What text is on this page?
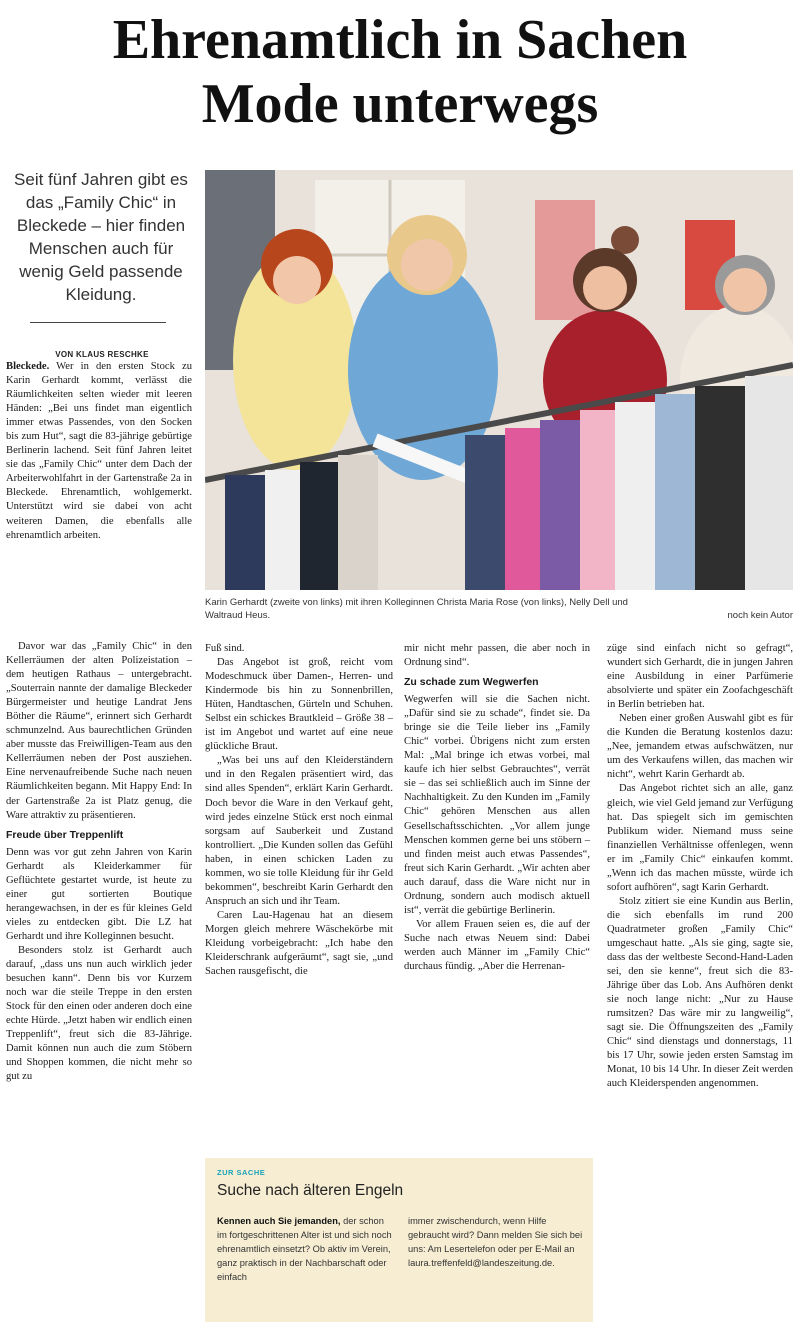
Ehrenamtlich in Sachen
Mode unterwegs
Seit fünf Jahren gibt es das „Family Chic“ in Bleckede – hier finden Menschen auch für wenig Geld passende Kleidung.
VON KLAUS RESCHKE
Karin Gerhardt (zweite von links) mit ihren Kolleginnen Christa Maria Rose (von links), Nelly Dell und
Waltraud Heus.	noch kein Autor

Bleckede. Wer in den ersten Stock zu Karin Gerhardt kommt, verlässt die Räumlichkeiten selten wieder mit leeren Händen: „Bei uns findet man eigentlich immer etwas Passendes, von den Socken bis zum Hut“, sagt die 83-jährige gebürtige Berlinerin lachend. Seit fünf Jahren leitet sie das „Family Chic“ unter dem Dach der Arbeiterwohlfahrt in der Gartenstraße 2a in Bleckede. Ehrenamtlich, wohlgemerkt. Unterstützt wird sie dabei von acht weiteren Damen, die ebenfalls alle ehrenamtlich arbeiten.

Davor war das „Family Chic“ in den Kellerräumen der alten Polizeistation – dem heutigen Rathaus – untergebracht. „Souterrain nannte der damalige Bleckeder Bürgermeister und heutige Landrat Jens Böther die Räume“, erinnert sich Gerhardt schmunzelnd. Aus baurechtlichen Gründen aber musste das Freiwilligen-Team aus den Kellerräumen neben der Post ausziehen. Eine nervenaufreibende Suche nach neuen Räumlichkeiten begann. Mit Happy End: In der Gartenstraße 2a ist Platz genug, die Ware attraktiv zu präsentieren.

Freude über Treppenlift

Denn was vor gut zehn Jahren von Karin Gerhardt als Kleiderkammer für Geflüchtete gestartet wurde, ist heute zu einer gut sortierten Boutique herangewachsen, in der es für kleines Geld vieles zu entdecken gibt. Die LZ hat Gerhardt und ihre Kolleginnen besucht.

Besonders stolz ist Gerhardt auch darauf, „dass uns nun auch wirklich jeder besuchen kann“. Denn bis vor Kurzem noch war die steile Treppe in den ersten Stock für den einen oder anderen doch eine echte Hürde. „Jetzt haben wir endlich einen Treppenlift“, freut sich die 83-Jährige. Damit können nun auch die zum Stöbern und Shoppen kommen, die nicht mehr so gut zu

Fuß sind.

Das Angebot ist groß, reicht vom Modeschmuck über Damen-, Herren- und Kindermode bis hin zu Sonnenbrillen, Hüten, Handtaschen, Gürteln und Schuhen. Selbst ein schickes Brautkleid – Größe 38 – ist im Angebot und wartet auf eine neue glückliche Braut.

„Was bei uns auf den Kleiderständern und in den Regalen präsentiert wird, das sind alles Spenden“, erklärt Karin Gerhardt. Doch bevor die Ware in den Verkauf geht, wird jedes einzelne Stück erst noch einmal sorgsam auf Sauberkeit und Zustand kontrolliert. „Die Kunden sollen das Gefühl haben, in einen schicken Laden zu kommen, wo sie tolle Kleidung für ihr Geld bekommen“, beschreibt Karin Gerhardt den Anspruch an sich und ihr Team.

Caren Lau-Hagenau hat an diesem Morgen gleich mehrere Wäschekörbe mit Kleidung vorbeigebracht: „Ich habe den Kleiderschrank aufgeräumt“, sagt sie, „und Sachen rausgefischt, die

mir nicht mehr passen, die aber noch in Ordnung sind“.

Zu schade zum Wegwerfen

Wegwerfen will sie die Sachen nicht. „Dafür sind sie zu schade“, findet sie. Da bringe sie die Teile lieber ins „Family Chic“ vorbei. Übrigens nicht zum ersten Mal: „Mal bringe ich etwas vorbei, mal kaufe ich hier selbst Gebrauchtes“, verrät sie – das sei schließlich auch im Sinne der Nachhaltigkeit. Zu den Kunden im „Family Chic“ gehören Menschen aus allen Gesellschaftsschichten. „Vor allem junge Menschen kommen gerne bei uns stöbern – und finden meist auch etwas Passendes“, freut sich Karin Gerhardt. „Wir achten aber auch darauf, dass die Ware nicht nur in Ordnung, sondern auch modisch aktuell ist“, verrät die gebürtige Berlinerin.

Vor allem Frauen seien es, die auf der Suche nach etwas Neuem sind: Dabei werden auch Männer im „Family Chic“ durchaus fündig. „Aber die Herrenan-

züge sind einfach nicht so gefragt“, wundert sich Gerhardt, die in jungen Jahren eine Ausbildung in einer Parfümerie absolvierte und später ein Zoofachgeschäft in Berlin betrieben hat.

Neben einer großen Auswahl gibt es für die Kunden die Beratung kostenlos dazu: „Nee, jemandem etwas aufschwätzen, nur um des Verkaufens willen, das machen wir nicht“, wehrt Karin Gerhardt ab.

Das Angebot richtet sich an alle, ganz gleich, wie viel Geld jemand zur Verfügung hat. Das spiegelt sich im gemischten Publikum wider. Niemand muss seine finanziellen Verhältnisse offenlegen, wenn er im „Family Chic“ einkaufen kommt. „Wenn ich das machen müsste, würde ich sofort aufhören“, sagt Karin Gerhardt.

Stolz zitiert sie eine Kundin aus Berlin, die sich ebenfalls im rund 200 Quadratmeter großen „Family Chic“ umgeschaut hatte. „Als sie ging, sagte sie, dass das der weltbeste Second-Hand-Laden sei, den sie kenne“, freut sich die 83-Jährige über das Lob. Ans Aufhören denkt sie noch lange nicht: „Nur zu Hause rumsitzen? Das wäre mir zu langweilig“, sagt sie. Die Öffnungszeiten des „Family Chic“ sind dienstags und donnerstags, 11 bis 17 Uhr, sowie jeden ersten Samstag im Monat, 10 bis 14 Uhr. In dieser Zeit werden auch Kleiderspenden angenommen.

ZUR SACHE
Suche nach älteren Engeln
Kennen auch Sie jemanden, der schon im fortgeschrittenen Alter ist und sich noch ehrenamtlich einsetzt? Ob aktiv im Verein, ganz praktisch in der Nachbarschaft oder einfach
immer zwischendurch, wenn Hilfe gebraucht wird? Dann melden Sie sich bei uns: Am Lesertelefon oder per E-Mail an laura.treffenfeld@landeszeitung.de.
